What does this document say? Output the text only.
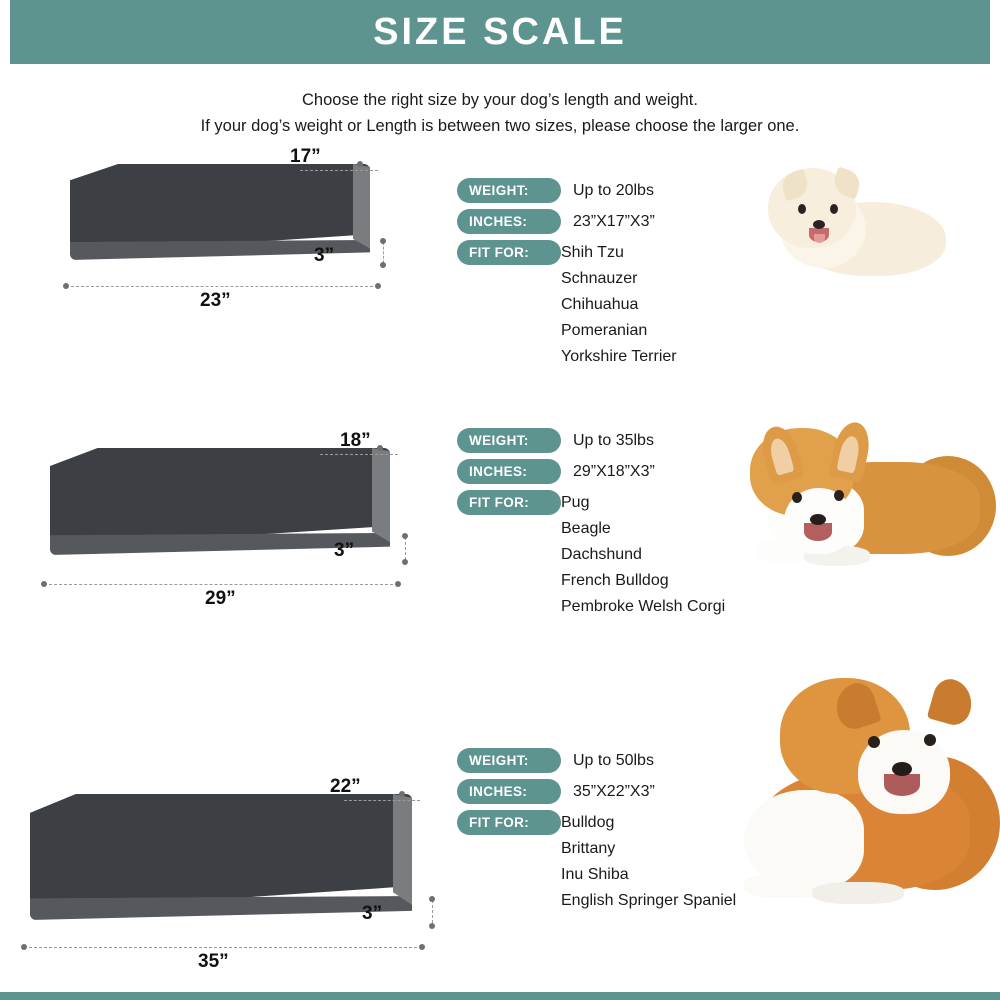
SIZE SCALE
Choose the right size by your dog’s length and weight.
If your dog’s weight or Length is between two sizes, please choose the larger one.
17”
3”
23”
WEIGHT:	Up to 20lbs
INCHES:	23”X17”X3”
FIT FOR:	Shih Tzu
Schnauzer
Chihuahua
Pomeranian
Yorkshire Terrier
18”
3”
29”
WEIGHT:	Up to 35lbs
INCHES:	29”X18”X3”
FIT FOR:	Pug
Beagle
Dachshund
French Bulldog
Pembroke Welsh Corgi
22”
3”
35”
WEIGHT:	Up to 50lbs
INCHES:	35”X22”X3”
FIT FOR:	Bulldog
Brittany
Inu Shiba
English Springer Spaniel
